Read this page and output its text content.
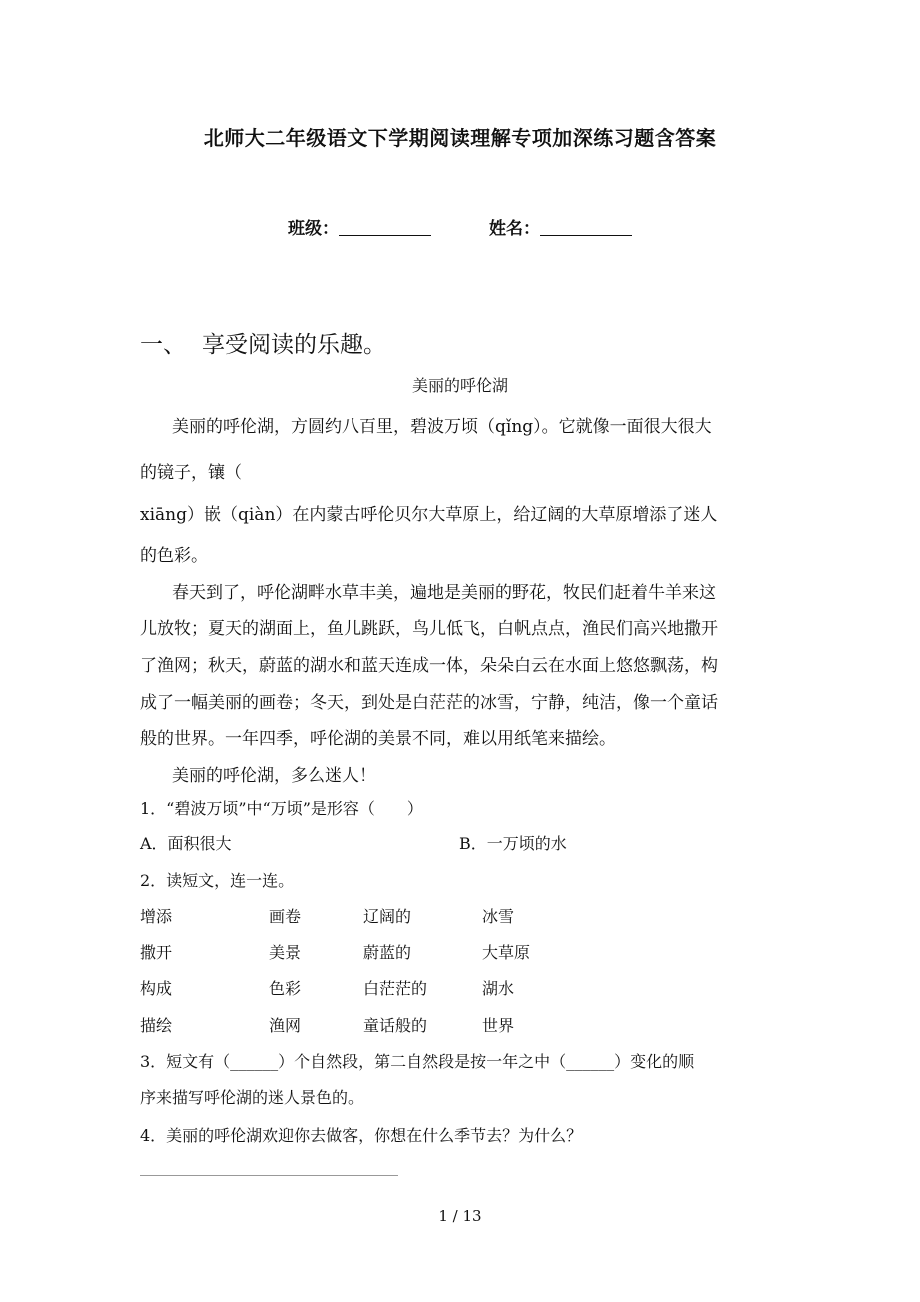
北师大二年级语文下学期阅读理解专项加深练习题含答案
班级：	姓名：
一、 享受阅读的乐趣。
美丽的呼伦湖
美丽的呼伦湖，方圆约八百里，碧波万顷（qǐng）。它就像一面很大很大
的镜子，镶（
xiāng）嵌（qiàn）在内蒙古呼伦贝尔大草原上，给辽阔的大草原增添了迷人
的色彩。
春天到了，呼伦湖畔水草丰美，遍地是美丽的野花，牧民们赶着牛羊来这
儿放牧；夏天的湖面上，鱼儿跳跃，鸟儿低飞，白帆点点，渔民们高兴地撒开
了渔网；秋天，蔚蓝的湖水和蓝天连成一体，朵朵白云在水面上悠悠飘荡，构
成了一幅美丽的画卷；冬天，到处是白茫茫的冰雪，宁静，纯洁，像一个童话
般的世界。一年四季，呼伦湖的美景不同，难以用纸笔来描绘。
美丽的呼伦湖，多么迷人！
1．“碧波万顷”中“万顷”是形容（　　）
A．面积很大	B．一万顷的水
2．读短文，连一连。
增添	画卷	辽阔的	冰雪
撒开	美景	蔚蓝的	大草原
构成	色彩	白茫茫的	湖水
描绘	渔网	童话般的	世界
3．短文有（______）个自然段，第二自然段是按一年之中（______）变化的顺
序来描写呼伦湖的迷人景色的。
4．美丽的呼伦湖欢迎你去做客，你想在什么季节去？为什么？
1 / 13
